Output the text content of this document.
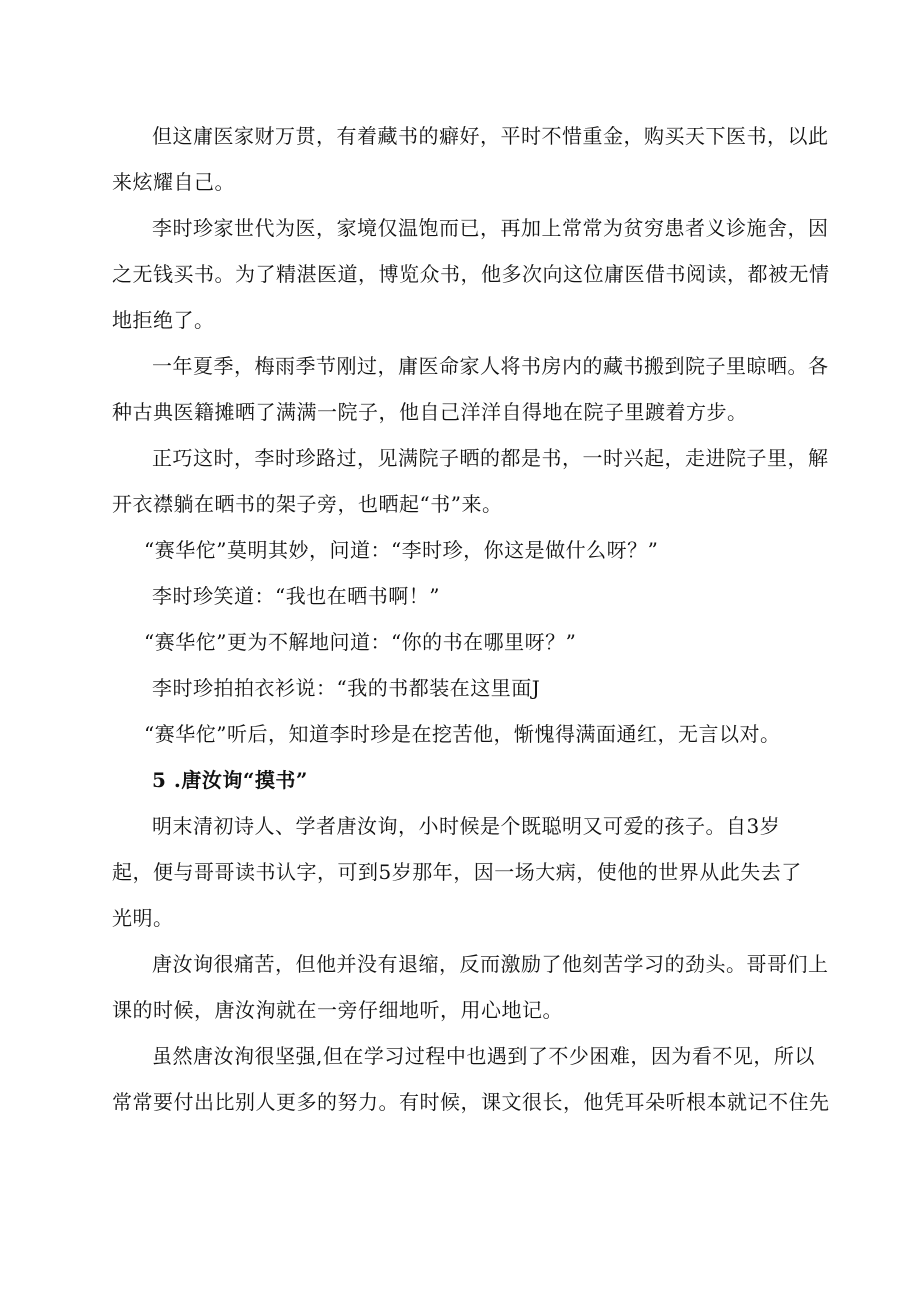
但这庸医家财万贯，有着藏书的癖好，平时不惜重金，购买天下医书，以此
来炫耀自己。
李时珍家世代为医，家境仅温饱而已，再加上常常为贫穷患者义诊施舍，因
之无钱买书。为了精湛医道，博览众书，他多次向这位庸医借书阅读，都被无情
地拒绝了。
一年夏季，梅雨季节刚过，庸医命家人将书房内的藏书搬到院子里晾晒。各
种古典医籍摊晒了满满一院子，他自己洋洋自得地在院子里踱着方步。
正巧这时，李时珍路过，见满院子晒的都是书，一时兴起，走进院子里，解
开衣襟躺在晒书的架子旁，也晒起“书”来。
“赛华佗”莫明其妙，问道：“李时珍，你这是做什么呀？”
李时珍笑道：“我也在晒书啊！”
“赛华佗”更为不解地问道：“你的书在哪里呀？”
李时珍拍拍衣衫说：“我的书都装在这里面J
“赛华佗”听后，知道李时珍是在挖苦他，惭愧得满面通红，无言以对。
5 .唐汝询“摸书”
明末清初诗人、学者唐汝询，小时候是个既聪明又可爱的孩子。自3岁
起，便与哥哥读书认字，可到5岁那年，因一场大病，使他的世界从此失去了
光明。
唐汝询很痛苦，但他并没有退缩，反而激励了他刻苦学习的劲头。哥哥们上
课的时候，唐汝洵就在一旁仔细地听，用心地记。
虽然唐汝洵很坚强,但在学习过程中也遇到了不少困难，因为看不见，所以
常常要付出比别人更多的努力。有时候，课文很长，他凭耳朵听根本就记不住先
